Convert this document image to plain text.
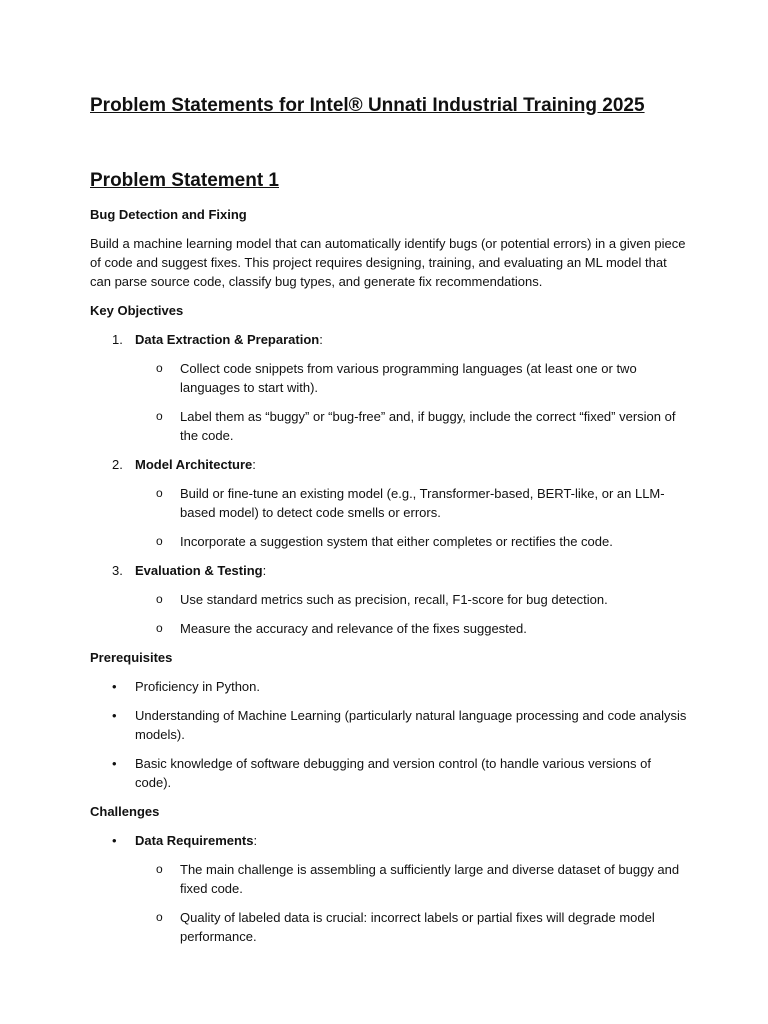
Problem Statements for Intel® Unnati Industrial Training 2025
Problem Statement 1
Bug Detection and Fixing

Build a machine learning model that can automatically identify bugs (or potential errors) in a given piece of code and suggest fixes. This project requires designing, training, and evaluating an ML model that can parse source code, classify bug types, and generate fix recommendations.

Key Objectives
1. Data Extraction & Preparation:
o Collect code snippets from various programming languages (at least one or two languages to start with).
o Label them as “buggy” or “bug-free” and, if buggy, include the correct “fixed” version of the code.
2. Model Architecture:
o Build or fine-tune an existing model (e.g., Transformer-based, BERT-like, or an LLM-based model) to detect code smells or errors.
o Incorporate a suggestion system that either completes or rectifies the code.
3. Evaluation & Testing:
o Use standard metrics such as precision, recall, F1-score for bug detection.
o Measure the accuracy and relevance of the fixes suggested.
Prerequisites
• Proficiency in Python.
• Understanding of Machine Learning (particularly natural language processing and code analysis models).
• Basic knowledge of software debugging and version control (to handle various versions of code).
Challenges
• Data Requirements:
o The main challenge is assembling a sufficiently large and diverse dataset of buggy and fixed code.
o Quality of labeled data is crucial: incorrect labels or partial fixes will degrade model performance.
